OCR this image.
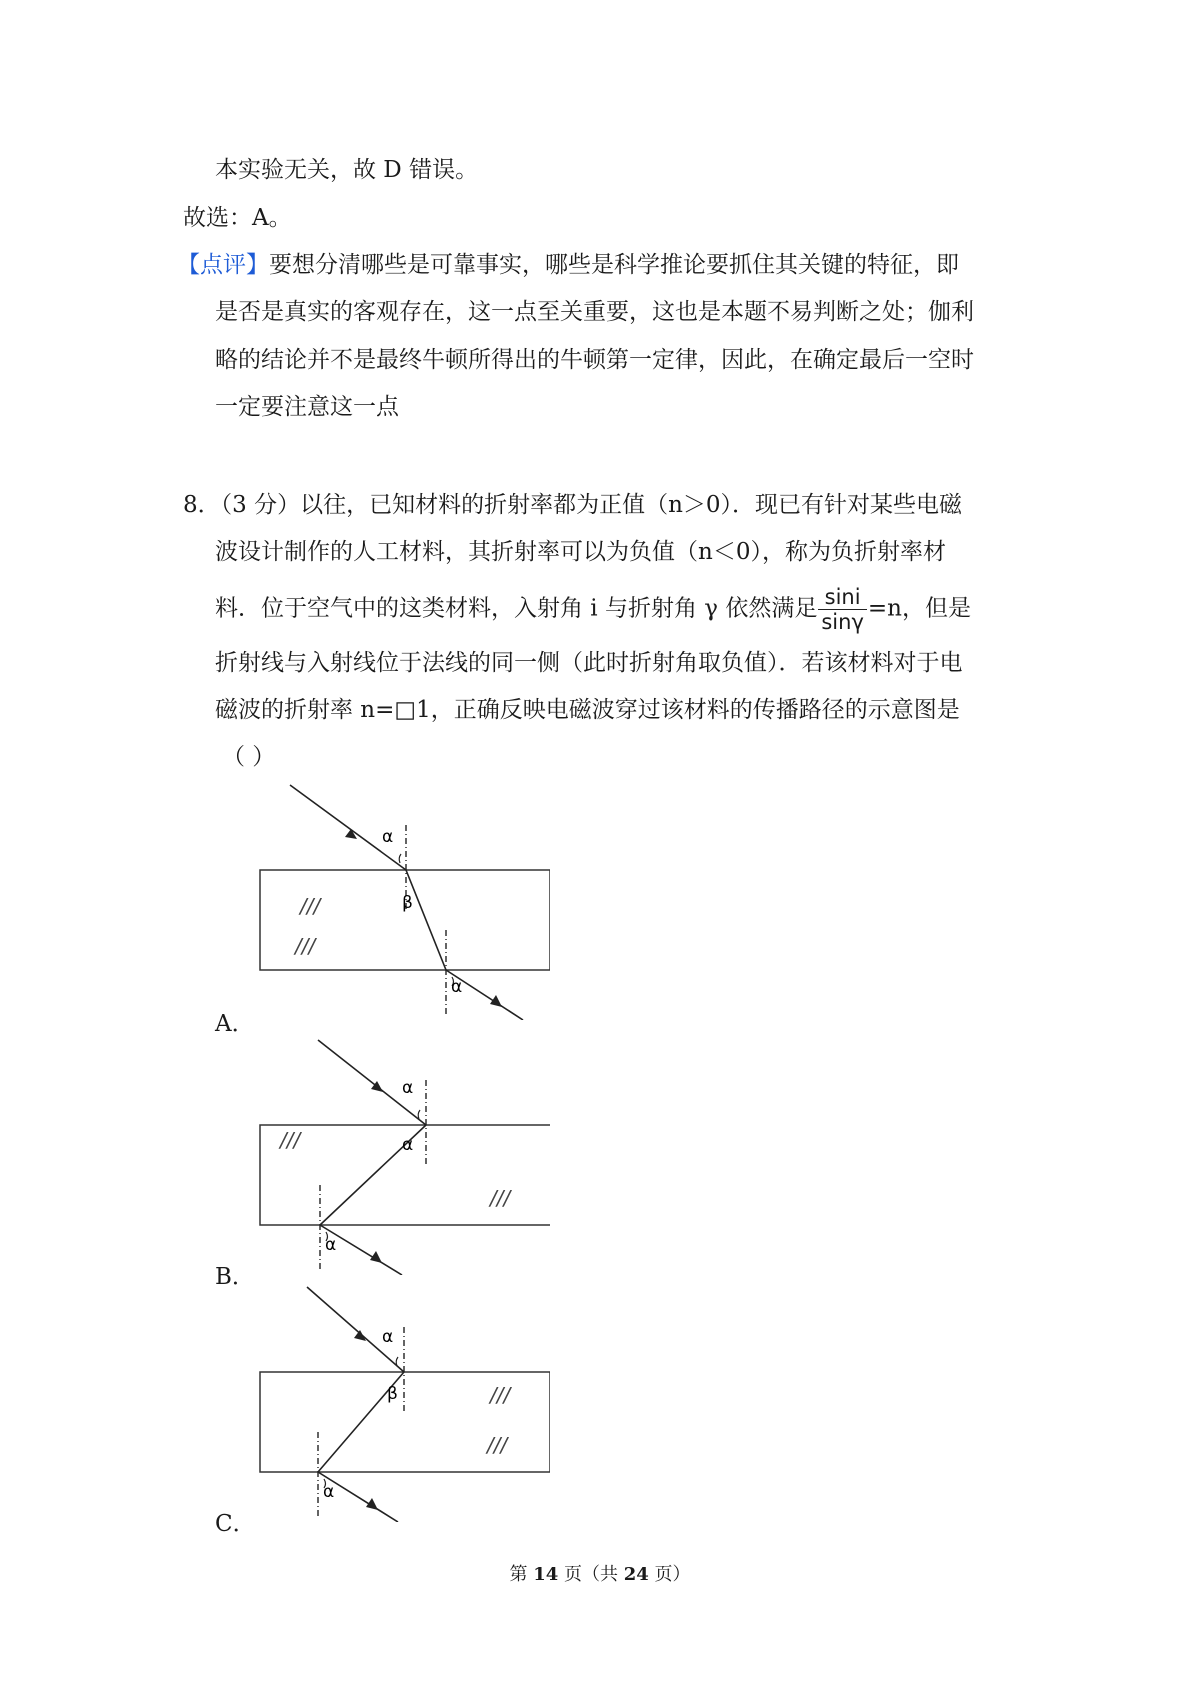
本实验无关，故 D 错误。
故选：A。
【点评】要想分清哪些是可靠事实，哪些是科学推论要抓住其关键的特征，即
是否是真实的客观存在，这一点至关重要，这也是本题不易判断之处；伽利
略的结论并不是最终牛顿所得出的牛顿第一定律，因此，在确定最后一空时
一定要注意这一点
8．（3 分）以往，已知材料的折射率都为正值（n＞0）．现已有针对某些电磁
波设计制作的人工材料，其折射率可以为负值（n＜0），称为负折射率材
料．位于空气中的这类材料，入射角 i 与折射角 γ 依然满足 $\frac{\sin i}{\sin\gamma} =n$，但是
折射线与入射线位于法线的同一侧（此时折射角取负值）．若该材料对于电
磁波的折射率 n=□1，正确反映电磁波穿过该材料的传播路径的示意图是
（ ）
α
β
α
///
///
A．
α
α
α
///
///
B．
α
β
α
///
///
C．
第 14 页（共 24 页）
